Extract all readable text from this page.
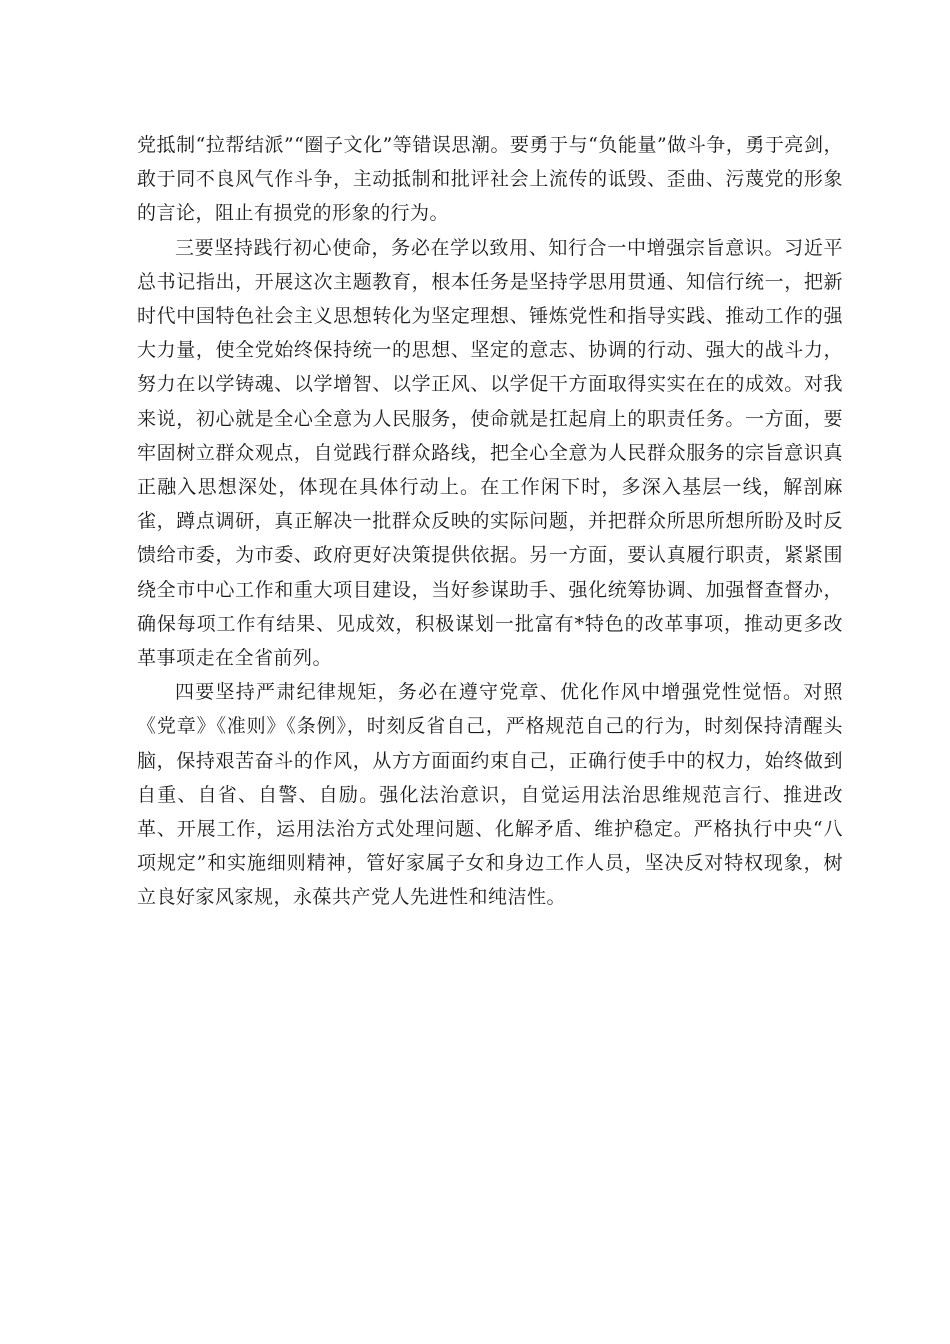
党抵制“拉帮结派”“圈子文化”等错误思潮。要勇于与“负能量”做斗争，勇于亮剑，敢于同不良风气作斗争，主动抵制和批评社会上流传的诋毁、歪曲、污蔑党的形象的言论，阻止有损党的形象的行为。

三要坚持践行初心使命，务必在学以致用、知行合一中增强宗旨意识。习近平总书记指出，开展这次主题教育，根本任务是坚持学思用贯通、知信行统一，把新时代中国特色社会主义思想转化为坚定理想、锤炼党性和指导实践、推动工作的强大力量，使全党始终保持统一的思想、坚定的意志、协调的行动、强大的战斗力，努力在以学铸魂、以学增智、以学正风、以学促干方面取得实实在在的成效。对我来说，初心就是全心全意为人民服务，使命就是扛起肩上的职责任务。一方面，要牢固树立群众观点，自觉践行群众路线，把全心全意为人民群众服务的宗旨意识真正融入思想深处，体现在具体行动上。在工作闲下时，多深入基层一线，解剖麻雀，蹲点调研，真正解决一批群众反映的实际问题，并把群众所思所想所盼及时反馈给市委，为市委、政府更好决策提供依据。另一方面，要认真履行职责，紧紧围绕全市中心工作和重大项目建设，当好参谋助手、强化统筹协调、加强督查督办，确保每项工作有结果、见成效，积极谋划一批富有*特色的改革事项，推动更多改革事项走在全省前列。

四要坚持严肃纪律规矩，务必在遵守党章、优化作风中增强党性觉悟。对照《党章》《准则》《条例》，时刻反省自己，严格规范自己的行为，时刻保持清醒头脑，保持艰苦奋斗的作风，从方方面面约束自己，正确行使手中的权力，始终做到自重、自省、自警、自励。强化法治意识，自觉运用法治思维规范言行、推进改革、开展工作，运用法治方式处理问题、化解矛盾、维护稳定。严格执行中央“八项规定”和实施细则精神，管好家属子女和身边工作人员，坚决反对特权现象，树立良好家风家规，永葆共产党人先进性和纯洁性。
